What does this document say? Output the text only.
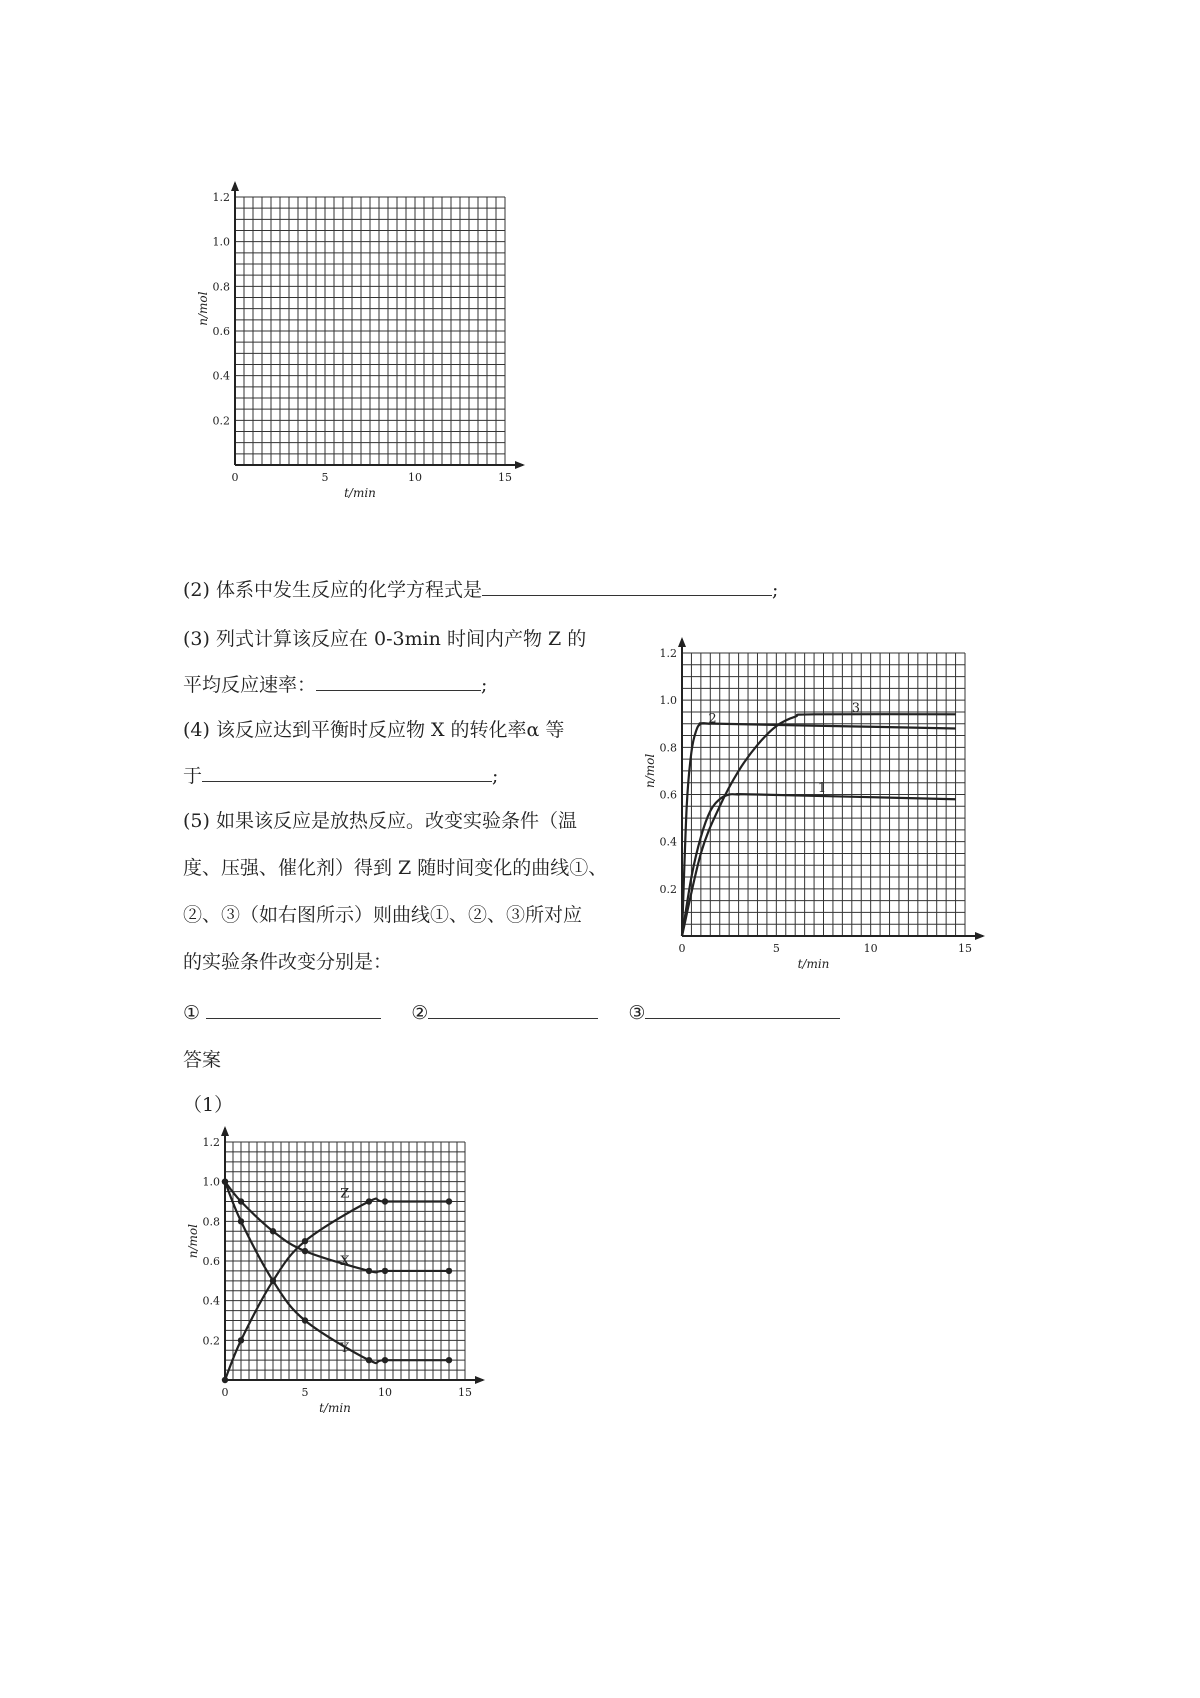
0	5	10	15
0.2
0.4
0.6
0.8
1.0
1.2
t/min
n/mol
(2) 体系中发生反应的化学方程式是	;
(3) 列式计算该反应在 0-3min 时间内产物 Z 的
平均反应速率：	;
(4) 该反应达到平衡时反应物 X 的转化率α 等
于	;
(5) 如果该反应是放热反应。改变实验条件（温
度、压强、催化剂）得到 Z 随时间变化的曲线①、
②、③（如右图所示）则曲线①、②、③所对应
的实验条件改变分别是：
①	②	③
答案
（1）
0	5	10	15
0.2
0.4
0.6
0.8
1.0
1.2
t/min
n/mol
1
2
3
0	5	10	15
0.2
0.4
0.6
0.8
1.0
1.2
t/min
n/mol
X
Y
Z
